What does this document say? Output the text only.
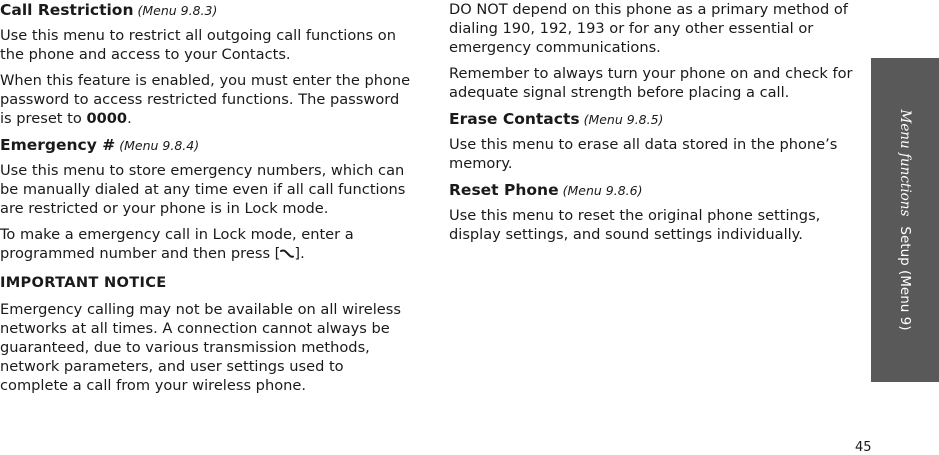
Call Restriction (Menu 9.8.3)

Use this menu to restrict all outgoing call functions on the phone and access to your Contacts.

When this feature is enabled, you must enter the phone password to access restricted functions. The password is preset to 0000.

Emergency # (Menu 9.8.4)

Use this menu to store emergency numbers, which can be manually dialed at any time even if all call functions are restricted or your phone is in Lock mode.

To make a emergency call in Lock mode, enter a programmed number and then press [ ].

IMPORTANT NOTICE

Emergency calling may not be available on all wireless networks at all times. A connection cannot always be guaranteed, due to various transmission methods, network parameters, and user settings used to complete a call from your wireless phone.

DO NOT depend on this phone as a primary method of dialing 190, 192, 193 or for any other essential or emergency communications.

Remember to always turn your phone on and check for adequate signal strength before placing a call.

Erase Contacts (Menu 9.8.5)

Use this menu to erase all data stored in the phone’s memory.

Reset Phone (Menu 9.8.6)

Use this menu to reset the original phone settings, display settings, and sound settings individually.

Menu functionsSetup (Menu 9)
45
